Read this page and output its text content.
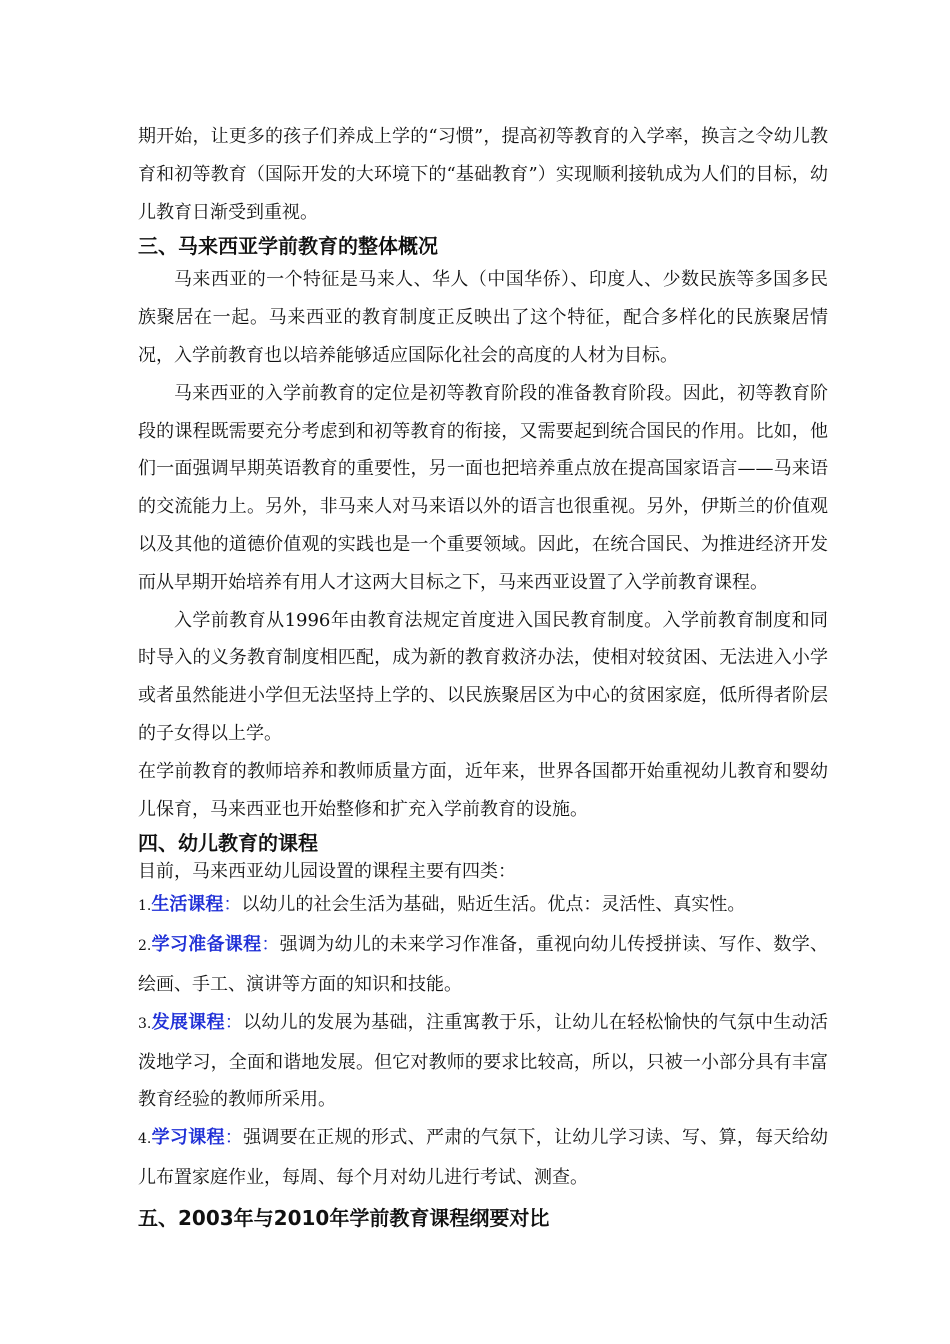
期开始，让更多的孩子们养成上学的“习惯”，提高初等教育的入学率，换言之令幼儿教育和初等教育（国际开发的大环境下的“基础教育”）实现顺利接轨成为人们的目标，幼儿教育日渐受到重视。

三、马来西亚学前教育的整体概况

马来西亚的一个特征是马来人、华人（中国华侨）、印度人、少数民族等多国多民族聚居在一起。马来西亚的教育制度正反映出了这个特征，配合多样化的民族聚居情况，入学前教育也以培养能够适应国际化社会的高度的人材为目标。

马来西亚的入学前教育的定位是初等教育阶段的准备教育阶段。因此，初等教育阶段的课程既需要充分考虑到和初等教育的衔接，又需要起到统合国民的作用。比如，他们一面强调早期英语教育的重要性，另一面也把培养重点放在提高国家语言——马来语的交流能力上。另外，非马来人对马来语以外的语言也很重视。另外，伊斯兰的价值观以及其他的道德价值观的实践也是一个重要领域。因此，在统合国民、为推进经济开发而从早期开始培养有用人才这两大目标之下，马来西亚设置了入学前教育课程。

入学前教育从1996年由教育法规定首度进入国民教育制度。入学前教育制度和同时导入的义务教育制度相匹配，成为新的教育救济办法，使相对较贫困、无法进入小学或者虽然能进小学但无法坚持上学的、以民族聚居区为中心的贫困家庭，低所得者阶层的子女得以上学。

在学前教育的教师培养和教师质量方面，近年来，世界各国都开始重视幼儿教育和婴幼儿保育，马来西亚也开始整修和扩充入学前教育的设施。

四、幼儿教育的课程

目前，马来西亚幼儿园设置的课程主要有四类：

1.生活课程：以幼儿的社会生活为基础，贴近生活。优点：灵活性、真实性。

2.学习准备课程：强调为幼儿的未来学习作准备，重视向幼儿传授拼读、写作、数学、绘画、手工、演讲等方面的知识和技能。

3.发展课程：以幼儿的发展为基础，注重寓教于乐，让幼儿在轻松愉快的气氛中生动活泼地学习，全面和谐地发展。但它对教师的要求比较高，所以，只被一小部分具有丰富教育经验的教师所采用。

4.学习课程：强调要在正规的形式、严肃的气氛下，让幼儿学习读、写、算，每天给幼儿布置家庭作业，每周、每个月对幼儿进行考试、测查。

五、2003年与2010年学前教育课程纲要对比
